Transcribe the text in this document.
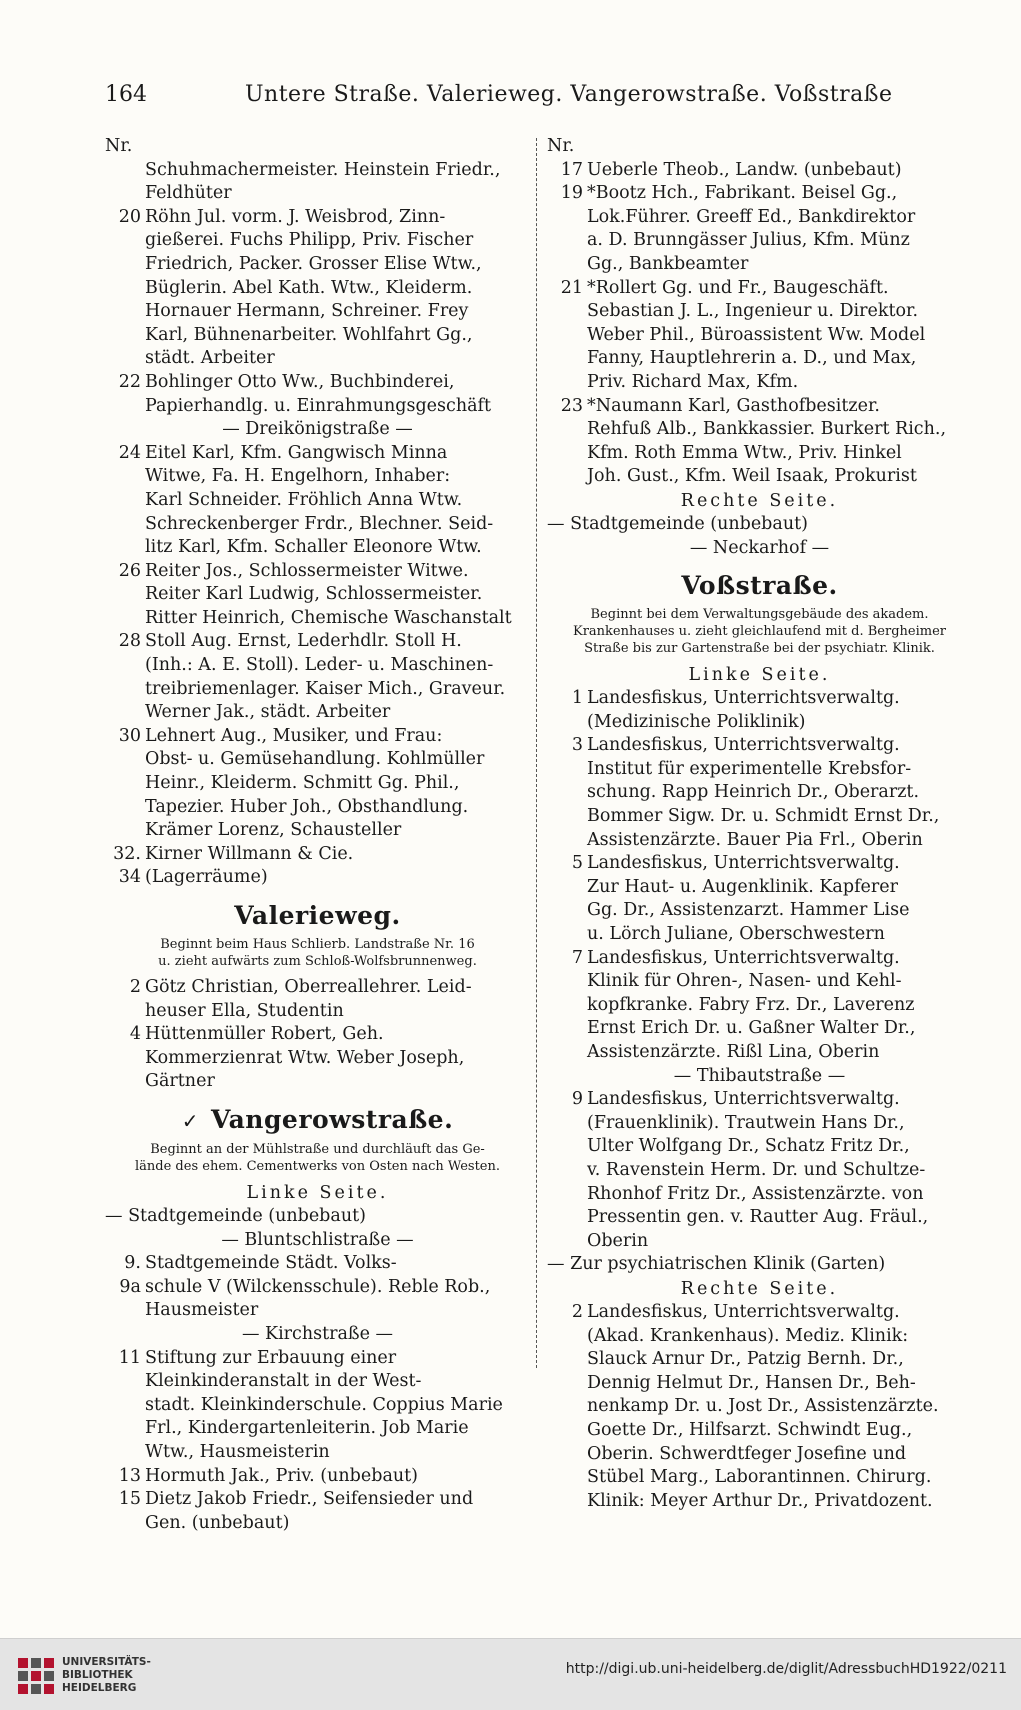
164	Untere Straße. Valerieweg. Vangerowstraße. Voßstraße
Nr.
Schuhmachermeister. Heinstein Friedr.,
Feldhüter
20 Röhn Jul. vorm. J. Weisbrod, Zinn-
gießerei. Fuchs Philipp, Priv. Fischer
Friedrich, Packer. Grosser Elise Wtw.,
Büglerin. Abel Kath. Wtw., Kleiderm.
Hornauer Hermann, Schreiner. Frey
Karl, Bühnenarbeiter. Wohlfahrt Gg.,
städt. Arbeiter
22 Bohlinger Otto Ww., Buchbinderei,
Papierhandlg. u. Einrahmungsgeschäft
— Dreikönigstraße —
24 Eitel Karl, Kfm. Gangwisch Minna
Witwe, Fa. H. Engelhorn, Inhaber:
Karl Schneider. Fröhlich Anna Wtw.
Schreckenberger Frdr., Blechner. Seid-
litz Karl, Kfm. Schaller Eleonore Wtw.
26 Reiter Jos., Schlossermeister Witwe.
Reiter Karl Ludwig, Schlossermeister.
Ritter Heinrich, Chemische Waschanstalt
28 Stoll Aug. Ernst, Lederhdlr. Stoll H.
(Inh.: A. E. Stoll). Leder- u. Maschinen-
treibriemenlager. Kaiser Mich., Graveur.
Werner Jak., städt. Arbeiter
30 Lehnert Aug., Musiker, und Frau:
Obst- u. Gemüsehandlung. Kohlmüller
Heinr., Kleiderm. Schmitt Gg. Phil.,
Tapezier. Huber Joh., Obsthandlung.
Krämer Lorenz, Schausteller
32. 34
Kirner Willmann & Cie.
(Lagerräume)
Valerieweg.
Beginnt beim Haus Schlierb. Landstraße Nr. 16
u. zieht aufwärts zum Schloß-Wolfsbrunnenweg.
2 Götz Christian, Oberreallehrer. Leid-
heuser Ella, Studentin
4 Hüttenmüller Robert, Geh.
Kommerzienrat Wtw. Weber Joseph,
Gärtner
✓ Vangerowstraße.
Beginnt an der Mühlstraße und durchläuft das Ge-
lände des ehem. Cementwerks von Osten nach Westen.
Linke Seite.
— Stadtgemeinde (unbebaut)
— Bluntschlistraße —
9. 9a
Stadtgemeinde Städt. Volks-
schule V (Wilckensschule). Reble Rob.,
Hausmeister
— Kirchstraße —
11 Stiftung zur Erbauung einer
Kleinkinderanstalt in der West-
stadt. Kleinkinderschule. Coppius Marie
Frl., Kindergartenleiterin. Job Marie
Wtw., Hausmeisterin
13 Hormuth Jak., Priv. (unbebaut)
15 Dietz Jakob Friedr., Seifensieder und
Gen. (unbebaut)
Nr.
17 Ueberle Theob., Landw. (unbebaut)
19 *Bootz Hch., Fabrikant. Beisel Gg.,
Lok.Führer. Greeff Ed., Bankdirektor
a. D. Brunngässer Julius, Kfm. Münz
Gg., Bankbeamter
21 *Rollert Gg. und Fr., Baugeschäft.
Sebastian J. L., Ingenieur u. Direktor.
Weber Phil., Büroassistent Ww. Model
Fanny, Hauptlehrerin a. D., und Max,
Priv. Richard Max, Kfm.
23 *Naumann Karl, Gasthofbesitzer.
Rehfuß Alb., Bankkassier. Burkert Rich.,
Kfm. Roth Emma Wtw., Priv. Hinkel
Joh. Gust., Kfm. Weil Isaak, Prokurist
Rechte Seite.
— Stadtgemeinde (unbebaut)
— Neckarhof —
Voßstraße.
Beginnt bei dem Verwaltungsgebäude des akadem.
Krankenhauses u. zieht gleichlaufend mit d. Bergheimer
Straße bis zur Gartenstraße bei der psychiatr. Klinik.
Linke Seite.
1 Landesfiskus, Unterrichtsverwaltg.
(Medizinische Poliklinik)
3 Landesfiskus, Unterrichtsverwaltg.
Institut für experimentelle Krebsfor-
schung. Rapp Heinrich Dr., Oberarzt.
Bommer Sigw. Dr. u. Schmidt Ernst Dr.,
Assistenzärzte. Bauer Pia Frl., Oberin
5 Landesfiskus, Unterrichtsverwaltg.
Zur Haut- u. Augenklinik. Kapferer
Gg. Dr., Assistenzarzt. Hammer Lise
u. Lörch Juliane, Oberschwestern
7 Landesfiskus, Unterrichtsverwaltg.
Klinik für Ohren-, Nasen- und Kehl-
kopfkranke. Fabry Frz. Dr., Laverenz
Ernst Erich Dr. u. Gaßner Walter Dr.,
Assistenzärzte. Rißl Lina, Oberin
— Thibautstraße —
9 Landesfiskus, Unterrichtsverwaltg.
(Frauenklinik). Trautwein Hans Dr.,
Ulter Wolfgang Dr., Schatz Fritz Dr.,
v. Ravenstein Herm. Dr. und Schultze-
Rhonhof Fritz Dr., Assistenzärzte. von
Pressentin gen. v. Rautter Aug. Fräul.,
Oberin
— Zur psychiatrischen Klinik (Garten)
Rechte Seite.
2 Landesfiskus, Unterrichtsverwaltg.
(Akad. Krankenhaus). Mediz. Klinik:
Slauck Arnur Dr., Patzig Bernh. Dr.,
Dennig Helmut Dr., Hansen Dr., Beh-
nenkamp Dr. u. Jost Dr., Assistenzärzte.
Goette Dr., Hilfsarzt. Schwindt Eug.,
Oberin. Schwerdtfeger Josefine und
Stübel Marg., Laborantinnen. Chirurg.
Klinik: Meyer Arthur Dr., Privatdozent.
UNIVERSITÄTS-
BIBLIOTHEK
HEIDELBERG
http://digi.ub.uni-heidelberg.de/diglit/AdressbuchHD1922/0211
